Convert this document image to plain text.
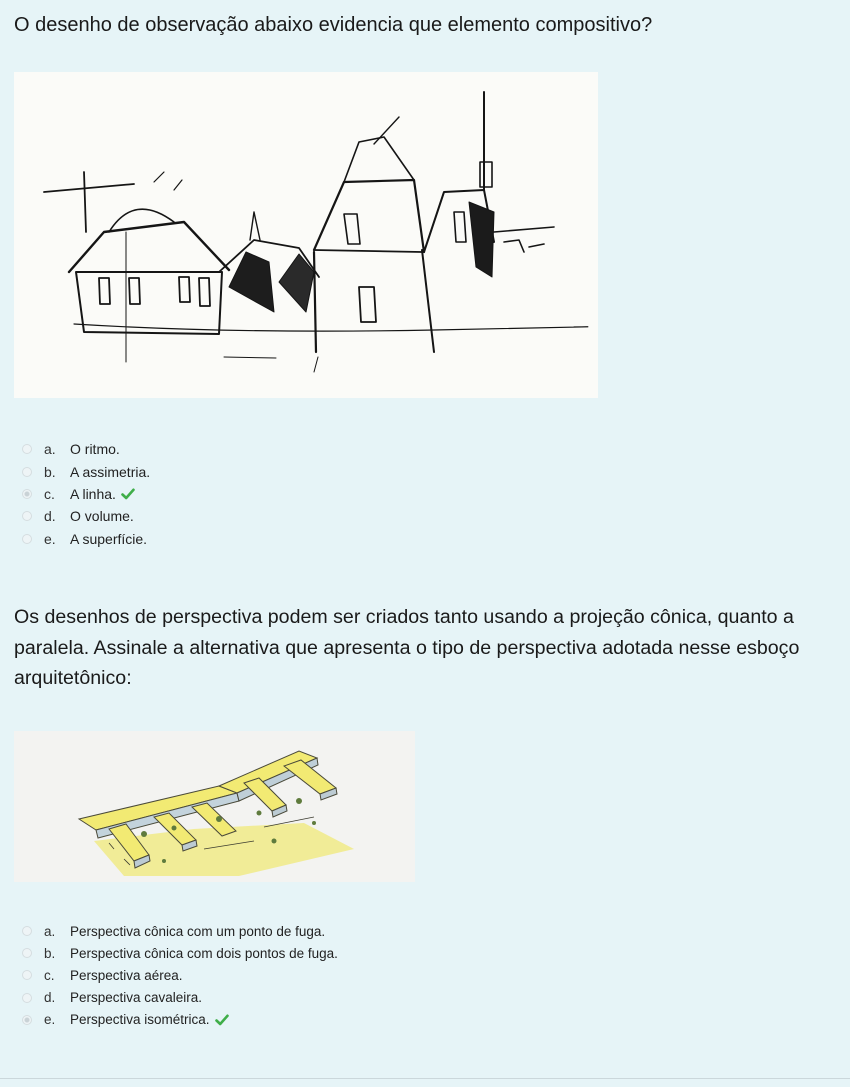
O desenho de observação abaixo evidencia que elemento compositivo?

a.	O ritmo.
b.	A assimetria.
c.	A linha.
d.	O volume.
e.	A superfície.

Os desenhos de perspectiva podem ser criados tanto usando a projeção cônica, quanto a paralela. Assinale a alternativa que apresenta o tipo de perspectiva adotada nesse esboço arquitetônico:

a.	Perspectiva cônica com um ponto de fuga.
b.	Perspectiva cônica com dois pontos de fuga.
c.	Perspectiva aérea.
d.	Perspectiva cavaleira.
e.	Perspectiva isométrica.
